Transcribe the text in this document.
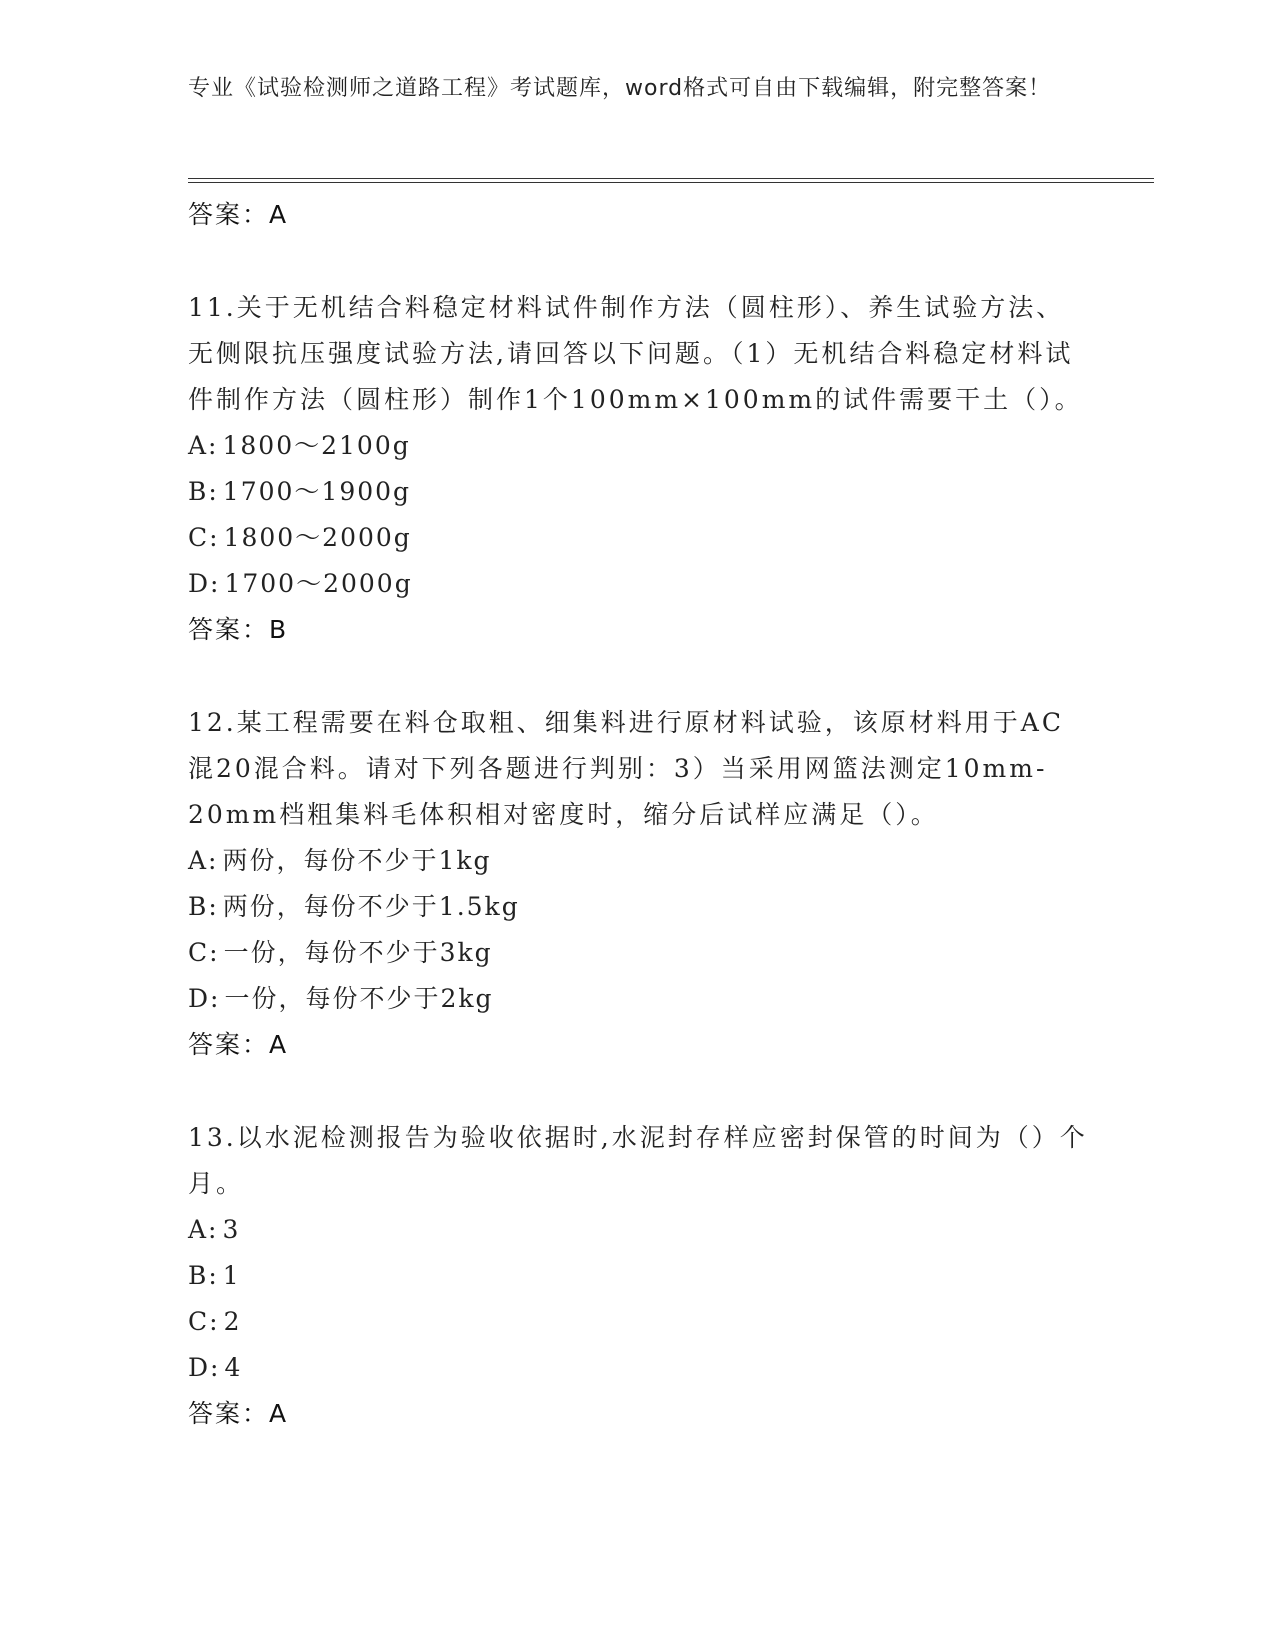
专业《试验检测师之道路工程》考试题库，word格式可自由下载编辑，附完整答案！
答案：A

11.关于无机结合料稳定材料试件制作方法（圆柱形）、养生试验方法、无侧限抗压强度试验方法,请回答以下问题。（1）无机结合料稳定材料试件制作方法（圆柱形）制作1个100mm×100mm的试件需要干土（）。

A: 1800～2100g
B: 1700～1900g
C: 1800～2000g
D: 1700～2000g
答案：B

12.某工程需要在料仓取粗、细集料进行原材料试验，该原材料用于AC混20混合料。请对下列各题进行判别：3）当采用网篮法测定10mm-20mm档粗集料毛体积相对密度时，缩分后试样应满足（）。

A: 两份，每份不少于1kg
B: 两份，每份不少于1.5kg
C: 一份，每份不少于3kg
D: 一份，每份不少于2kg
答案：A

13.以水泥检测报告为验收依据时,水泥封存样应密封保管的时间为（）个月。

A: 3
B: 1
C: 2
D: 4
答案：A
